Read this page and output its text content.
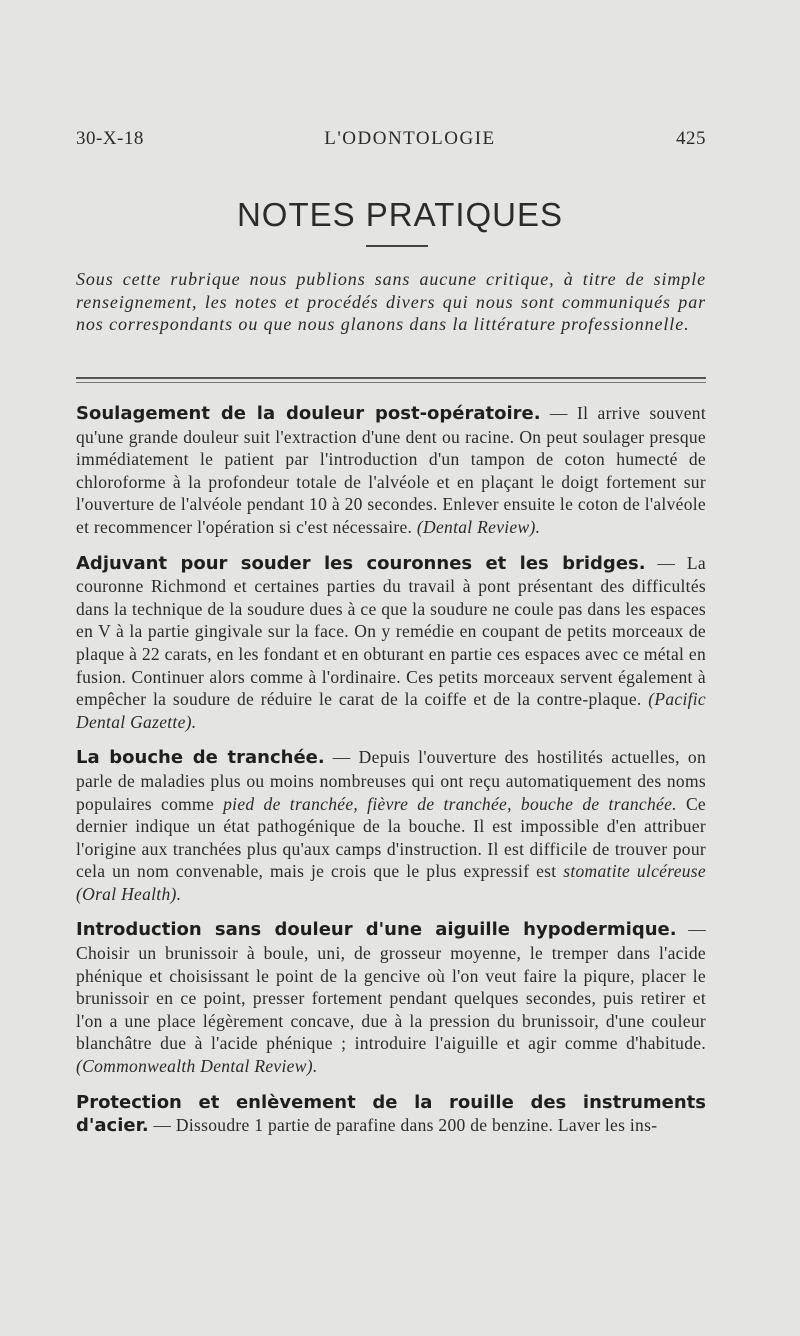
30-X-18	L'ODONTOLOGIE	425
NOTES PRATIQUES
Sous cette rubrique nous publions sans aucune critique, à titre de simple renseignement, les notes et procédés divers qui nous sont communiqués par nos correspondants ou que nous glanons dans la littérature professionnelle.

Soulagement de la douleur post-opératoire. — Il arrive souvent qu'une grande douleur suit l'extraction d'une dent ou racine. On peut soulager presque immédiatement le patient par l'introduction d'un tampon de coton humecté de chloroforme à la profondeur totale de l'alvéole et en plaçant le doigt fortement sur l'ouverture de l'alvéole pendant 10 à 20 secondes. Enlever ensuite le coton de l'alvéole et recommencer l'opération si c'est nécessaire. (Dental Review).

Adjuvant pour souder les couronnes et les bridges. — La couronne Richmond et certaines parties du travail à pont présentant des difficultés dans la technique de la soudure dues à ce que la soudure ne coule pas dans les espaces en V à la partie gingivale sur la face. On y remédie en coupant de petits morceaux de plaque à 22 carats, en les fondant et en obturant en partie ces espaces avec ce métal en fusion. Continuer alors comme à l'ordinaire. Ces petits morceaux servent également à empêcher la soudure de réduire le carat de la coiffe et de la contre-plaque. (Pacific Dental Gazette).

La bouche de tranchée. — Depuis l'ouverture des hostilités actuelles, on parle de maladies plus ou moins nombreuses qui ont reçu automatiquement des noms populaires comme pied de tranchée, fièvre de tranchée, bouche de tranchée. Ce dernier indique un état pathogénique de la bouche. Il est impossible d'en attribuer l'origine aux tranchées plus qu'aux camps d'instruction. Il est difficile de trouver pour cela un nom convenable, mais je crois que le plus expressif est stomatite ulcéreuse (Oral Health).

Introduction sans douleur d'une aiguille hypodermique. — Choisir un brunissoir à boule, uni, de grosseur moyenne, le tremper dans l'acide phénique et choisissant le point de la gencive où l'on veut faire la piqure, placer le brunissoir en ce point, presser fortement pendant quelques secondes, puis retirer et l'on a une place légèrement concave, due à la pression du brunissoir, d'une couleur blanchâtre due à l'acide phénique ; introduire l'aiguille et agir comme d'habitude. (Commonwealth Dental Review).

Protection et enlèvement de la rouille des instruments d'acier. — Dissoudre 1 partie de parafine dans 200 de benzine. Laver les ins-
